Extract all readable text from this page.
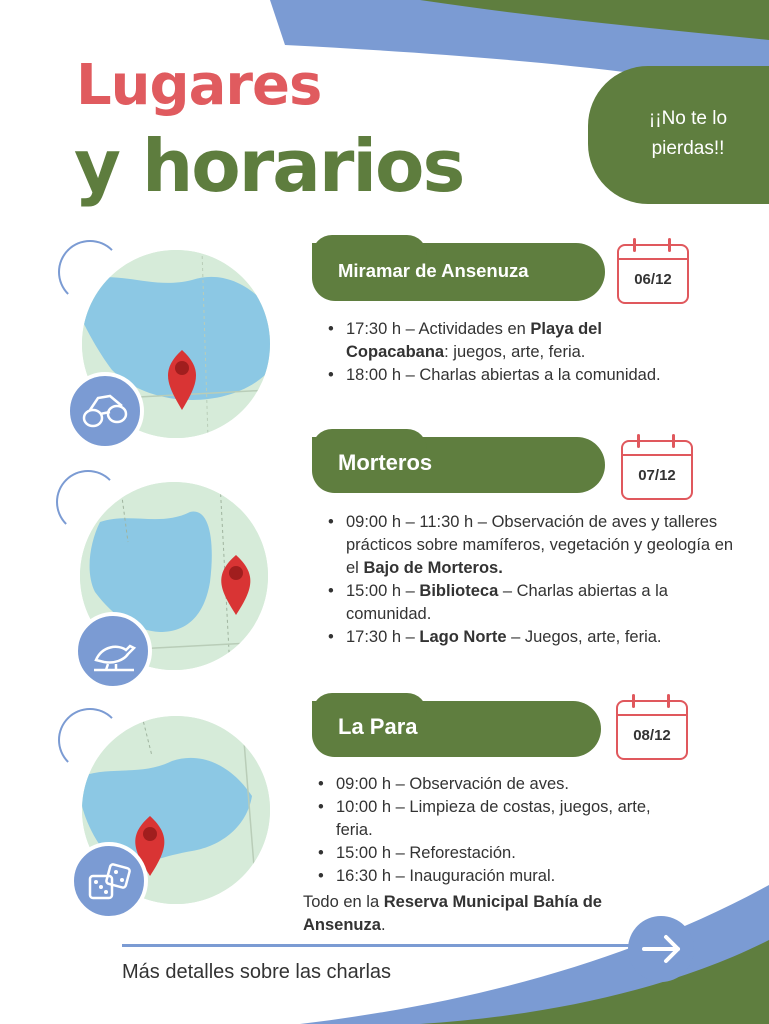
Lugares
y horarios
¡¡No te lo
pierdas!!
Miramar de Ansenuza	06/12
• 17:30 h – Actividades en Playa del Copacabana: juegos, arte, feria.
• 18:00 h – Charlas abiertas a la comunidad.
Morteros
07/12
• 09:00 h – 11:30 h – Observación de aves y talleres prácticos sobre mamíferos, vegetación y geología en el Bajo de Morteros.
• 15:00 h – Biblioteca – Charlas abiertas a la comunidad.
• 17:30 h – Lago Norte – Juegos, arte, feria.
La Para	08/12
• 09:00 h – Observación de aves.
• 10:00 h – Limpieza de costas, juegos, arte, feria.
• 15:00 h – Reforestación.
• 16:30 h – Inauguración mural.
Todo en la Reserva Municipal Bahía de Ansenuza.
Más detalles sobre las charlas
